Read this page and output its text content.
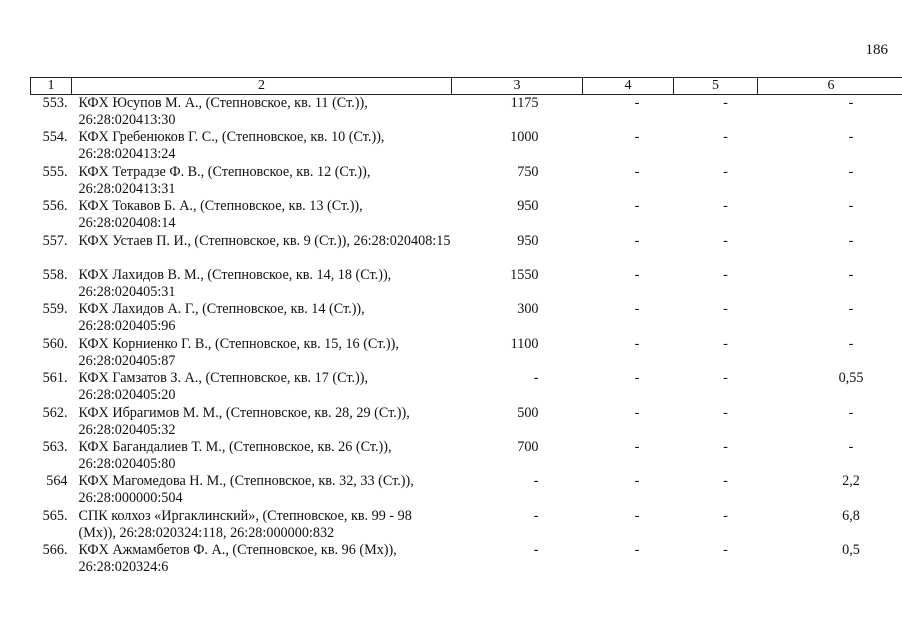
186
1	2	3	4	5	6
553.	КФХ Юсупов М. А., (Степновское, кв. 11 (Ст.)), 26:28:020413:30	1175	-	-	-
554.	КФХ Гребенюков Г. С., (Степновское, кв. 10 (Ст.)), 26:28:020413:24	1000	-	-	-
555.	КФХ Тетрадзе Ф. В., (Степновское, кв. 12 (Ст.)), 26:28:020413:31	750	-	-	-
556.	КФХ Токавов Б. А., (Степновское, кв. 13 (Ст.)), 26:28:020408:14	950	-	-	-
557.	КФХ Устаев П. И., (Степновское, кв. 9 (Ст.)), 26:28:020408:15	950	-	-	-
558.	КФХ Лахидов В. М., (Степновское, кв. 14, 18 (Ст.)), 26:28:020405:31	1550	-	-	-
559.	КФХ Лахидов А. Г., (Степновское, кв. 14 (Ст.)), 26:28:020405:96	300	-	-	-
560.	КФХ Корниенко Г. В., (Степновское, кв. 15, 16 (Ст.)), 26:28:020405:87	1100	-	-	-
561.	КФХ Гамзатов З. А., (Степновское, кв. 17 (Ст.)), 26:28:020405:20	-	-	-	0,55
562.	КФХ Ибрагимов М. М., (Степновское, кв. 28, 29 (Ст.)), 26:28:020405:32	500	-	-	-
563.	КФХ Багандалиев Т. М., (Степновское, кв. 26 (Ст.)), 26:28:020405:80	700	-	-	-
564	КФХ Магомедова Н. М., (Степновское, кв. 32, 33 (Ст.)), 26:28:000000:504	-	-	-	2,2
565.	СПК колхоз «Иргаклинский», (Степновское, кв. 99 - 98 (Мх)), 26:28:020324:118, 26:28:000000:832	-	-	-	6,8
566.	КФХ Ажмамбетов Ф. А., (Степновское, кв. 96 (Мх)), 26:28:020324:6	-	-	-	0,5
